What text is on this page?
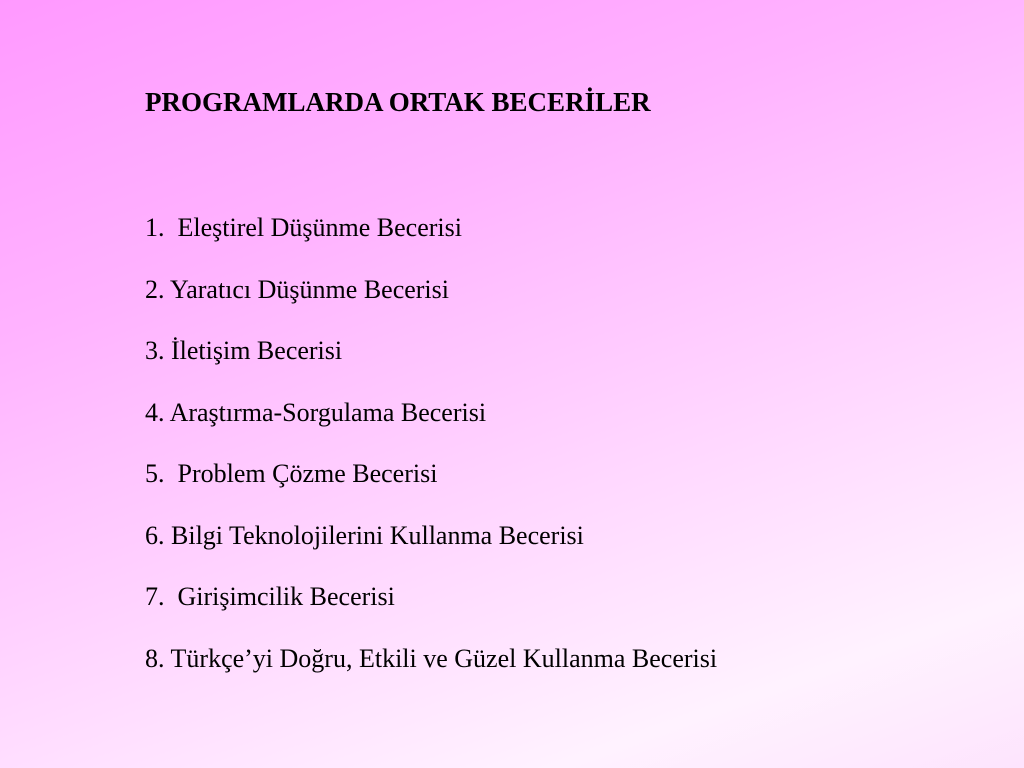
PROGRAMLARDA ORTAK BECERİLER
1.  Eleştirel Düşünme Becerisi
2. Yaratıcı Düşünme Becerisi
3. İletişim Becerisi
4. Araştırma-Sorgulama Becerisi
5.  Problem Çözme Becerisi
6. Bilgi Teknolojilerini Kullanma Becerisi
7.  Girişimcilik Becerisi
8. Türkçe’yi Doğru, Etkili ve Güzel Kullanma Becerisi
